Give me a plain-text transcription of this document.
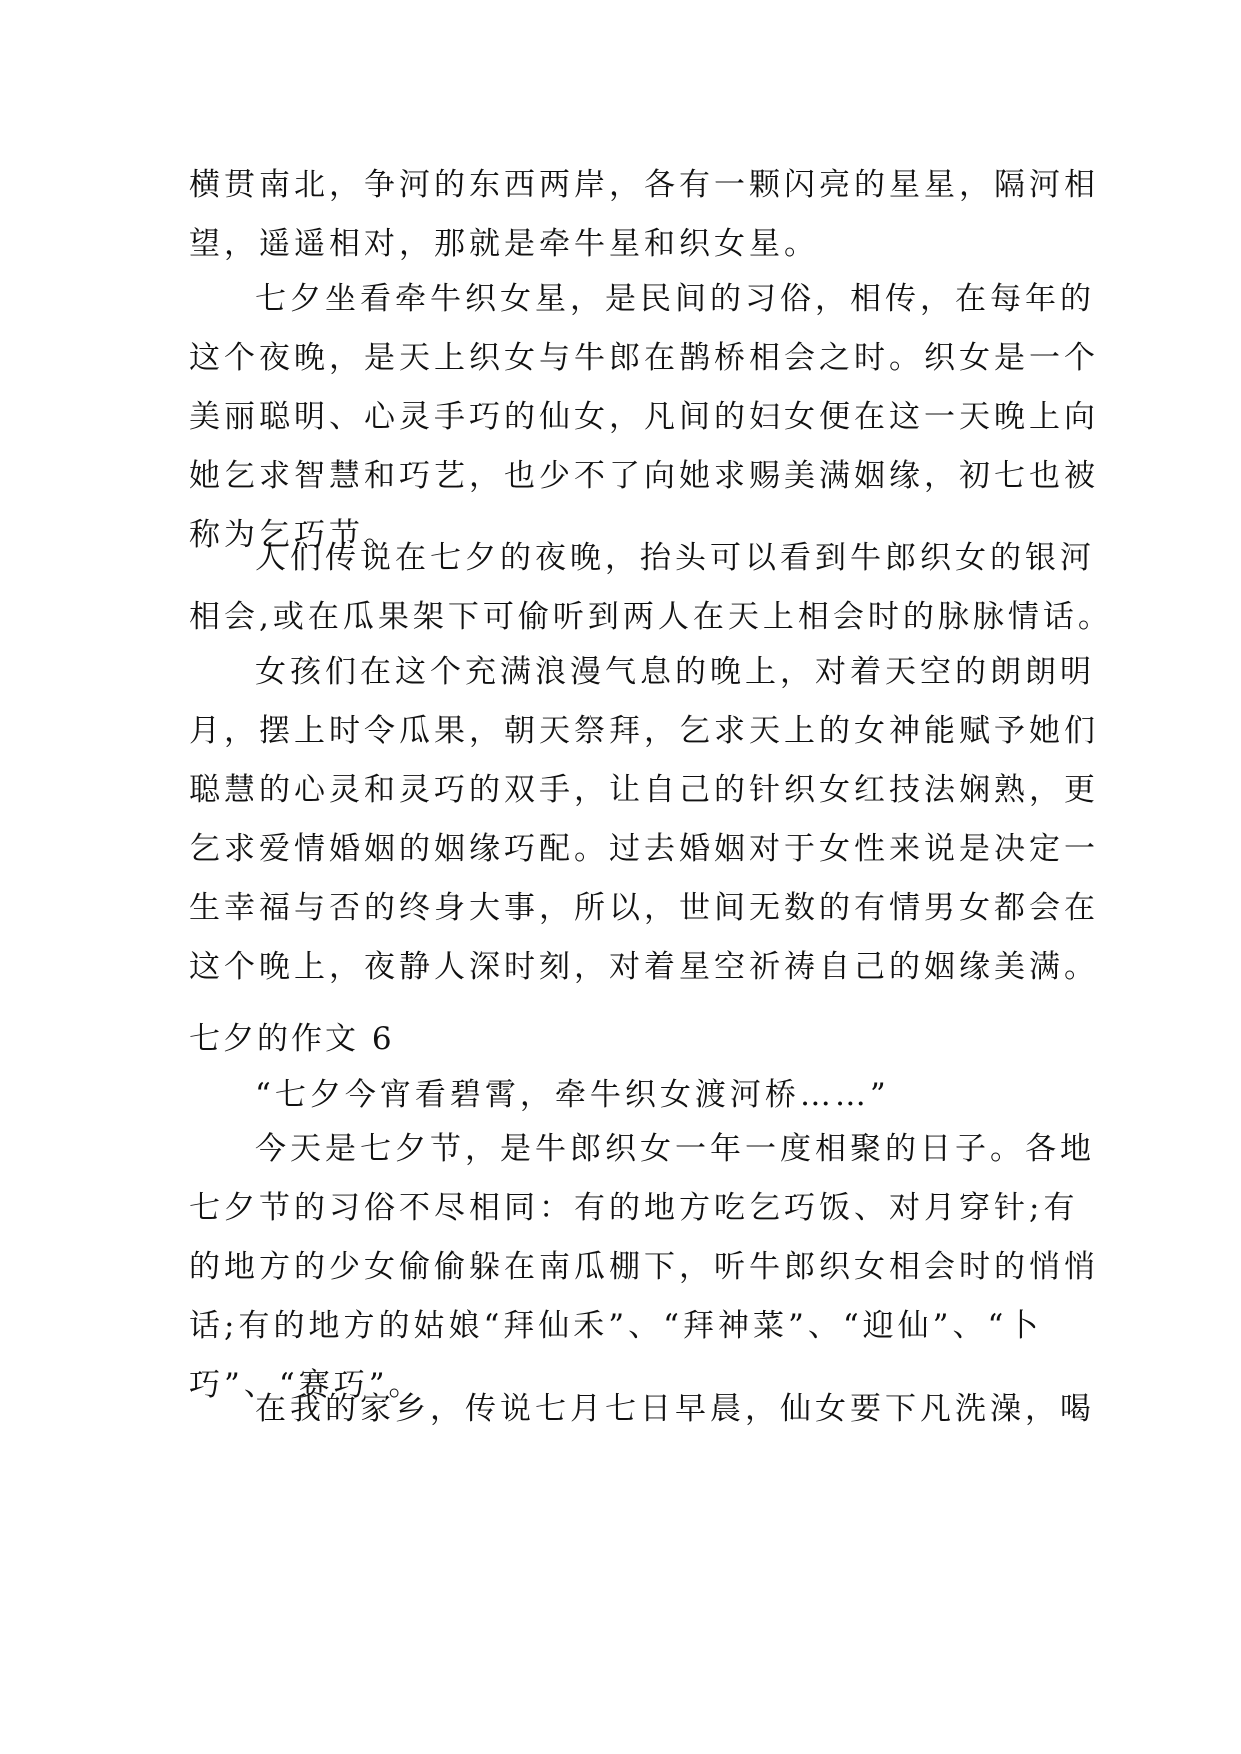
横贯南北，争河的东西两岸，各有一颗闪亮的星星，隔河相
望，遥遥相对，那就是牵牛星和织女星。
七夕坐看牵牛织女星，是民间的习俗，相传，在每年的
这个夜晚，是天上织女与牛郎在鹊桥相会之时。织女是一个
美丽聪明、心灵手巧的仙女，凡间的妇女便在这一天晚上向
她乞求智慧和巧艺，也少不了向她求赐美满姻缘，初七也被
称为乞巧节。
人们传说在七夕的夜晚，抬头可以看到牛郎织女的银河
相会,或在瓜果架下可偷听到两人在天上相会时的脉脉情话。
女孩们在这个充满浪漫气息的晚上，对着天空的朗朗明
月，摆上时令瓜果，朝天祭拜，乞求天上的女神能赋予她们
聪慧的心灵和灵巧的双手，让自己的针织女红技法娴熟，更
乞求爱情婚姻的姻缘巧配。过去婚姻对于女性来说是决定一
生幸福与否的终身大事，所以，世间无数的有情男女都会在
这个晚上，夜静人深时刻，对着星空祈祷自己的姻缘美满。
七夕的作文 6
“七夕今宵看碧霄，牵牛织女渡河桥……”
今天是七夕节，是牛郎织女一年一度相聚的日子。各地
七夕节的习俗不尽相同：有的地方吃乞巧饭、对月穿针;有
的地方的少女偷偷躲在南瓜棚下，听牛郎织女相会时的悄悄
话;有的地方的姑娘“拜仙禾”、“拜神菜”、“迎仙”、“卜
巧”、“赛巧”。
在我的家乡，传说七月七日早晨，仙女要下凡洗澡，喝
